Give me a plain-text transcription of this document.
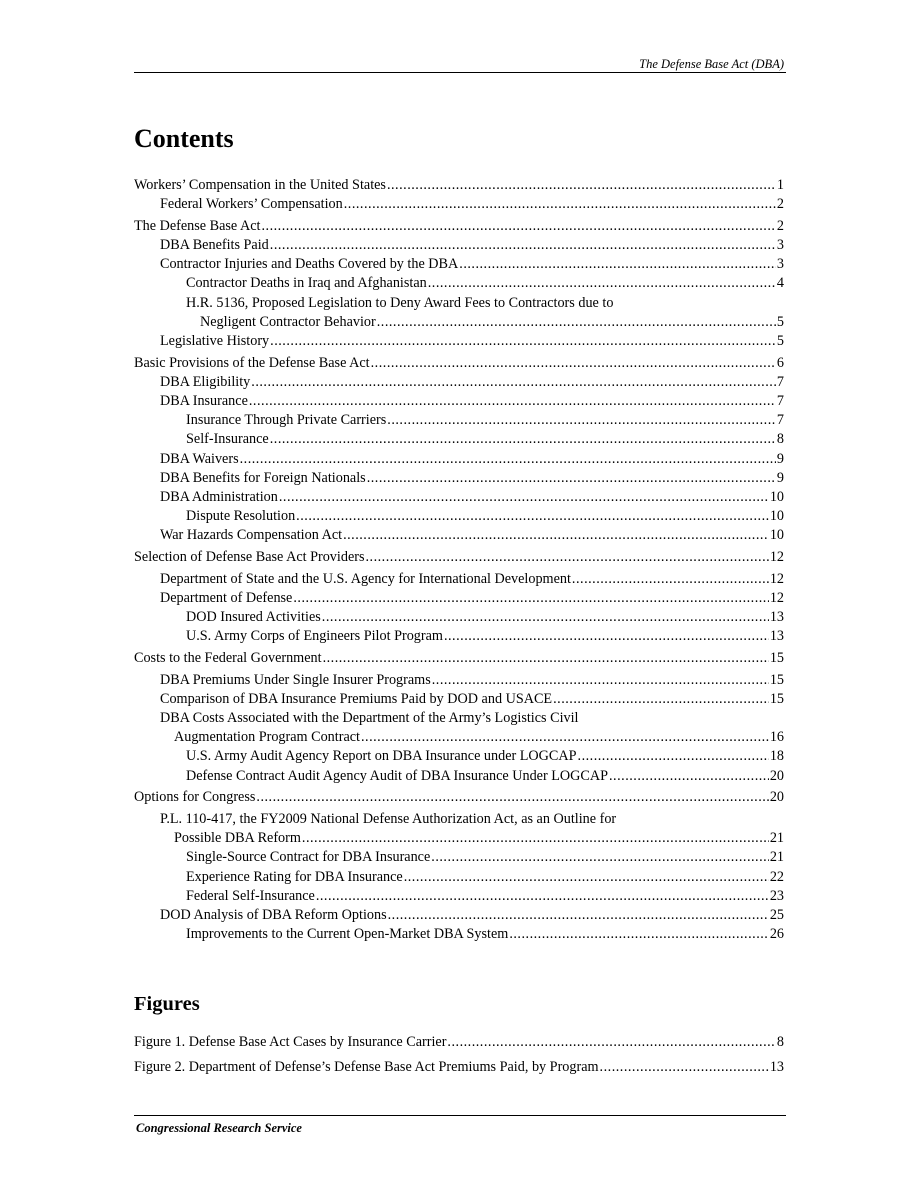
The Defense Base Act (DBA)
Contents
Workers’ Compensation in the United States .....	1
Federal Workers’ Compensation .....	2
The Defense Base Act .....	2
DBA Benefits Paid .....	3
Contractor Injuries and Deaths Covered by the DBA .....	3
Contractor Deaths in Iraq and Afghanistan .....	4
H.R. 5136, Proposed Legislation to Deny Award Fees to Contractors due to
Negligent Contractor Behavior .....	5
Legislative History .....	5
Basic Provisions of the Defense Base Act .....	6
DBA Eligibility .....	7
DBA Insurance .....	7
Insurance Through Private Carriers .....	7
Self-Insurance .....	8
DBA Waivers .....	9
DBA Benefits for Foreign Nationals .....	9
DBA Administration .....	10
Dispute Resolution .....	10
War Hazards Compensation Act .....	10
Selection of Defense Base Act Providers .....	12
Department of State and the U.S. Agency for International Development .....	12
Department of Defense .....	12
DOD Insured Activities .....	13
U.S. Army Corps of Engineers Pilot Program .....	13
Costs to the Federal Government .....	15
DBA Premiums Under Single Insurer Programs .....	15
Comparison of DBA Insurance Premiums Paid by DOD and USACE .....	15
DBA Costs Associated with the Department of the Army’s Logistics Civil
Augmentation Program Contract .....	16
U.S. Army Audit Agency Report on DBA Insurance under LOGCAP .....	18
Defense Contract Audit Agency Audit of DBA Insurance Under LOGCAP .....	20
Options for Congress .....	20
P.L. 110-417, the FY2009 National Defense Authorization Act, as an Outline for
Possible DBA Reform .....	21
Single-Source Contract for DBA Insurance .....	21
Experience Rating for DBA Insurance .....	22
Federal Self-Insurance .....	23
DOD Analysis of DBA Reform Options .....	25
Improvements to the Current Open-Market DBA System .....	26
Figures
Figure 1. Defense Base Act Cases by Insurance Carrier .....	8
Figure 2. Department of Defense’s Defense Base Act Premiums Paid, by Program .....	13
Congressional Research Service
